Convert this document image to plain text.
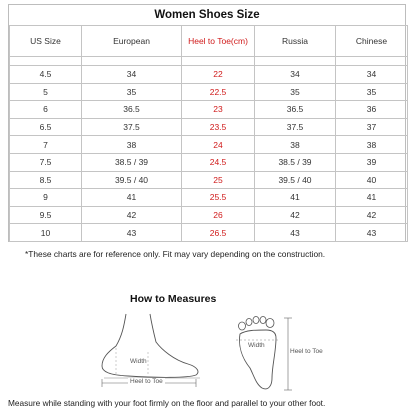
Women Shoes Size
US Size	European	Heel to Toe(cm)	Russia	Chinese

4.5	34	22	34	34
5	35	22.5	35	35
6	36.5	23	36.5	36
6.5	37.5	23.5	37.5	37
7	38	24	38	38
7.5	38.5 / 39	24.5	38.5 / 39	39
8.5	39.5 / 40	25	39.5 / 40	40
9	41	25.5	41	41
9.5	42	26	42	42
10	43	26.5	43	43
*These charts are for reference only. Fit may vary depending on the construction.
How to Measures
Width
Heel to Toe
Width
Heel to Toe
Measure while standing with your foot firmly on the floor and parallel to your other foot.
